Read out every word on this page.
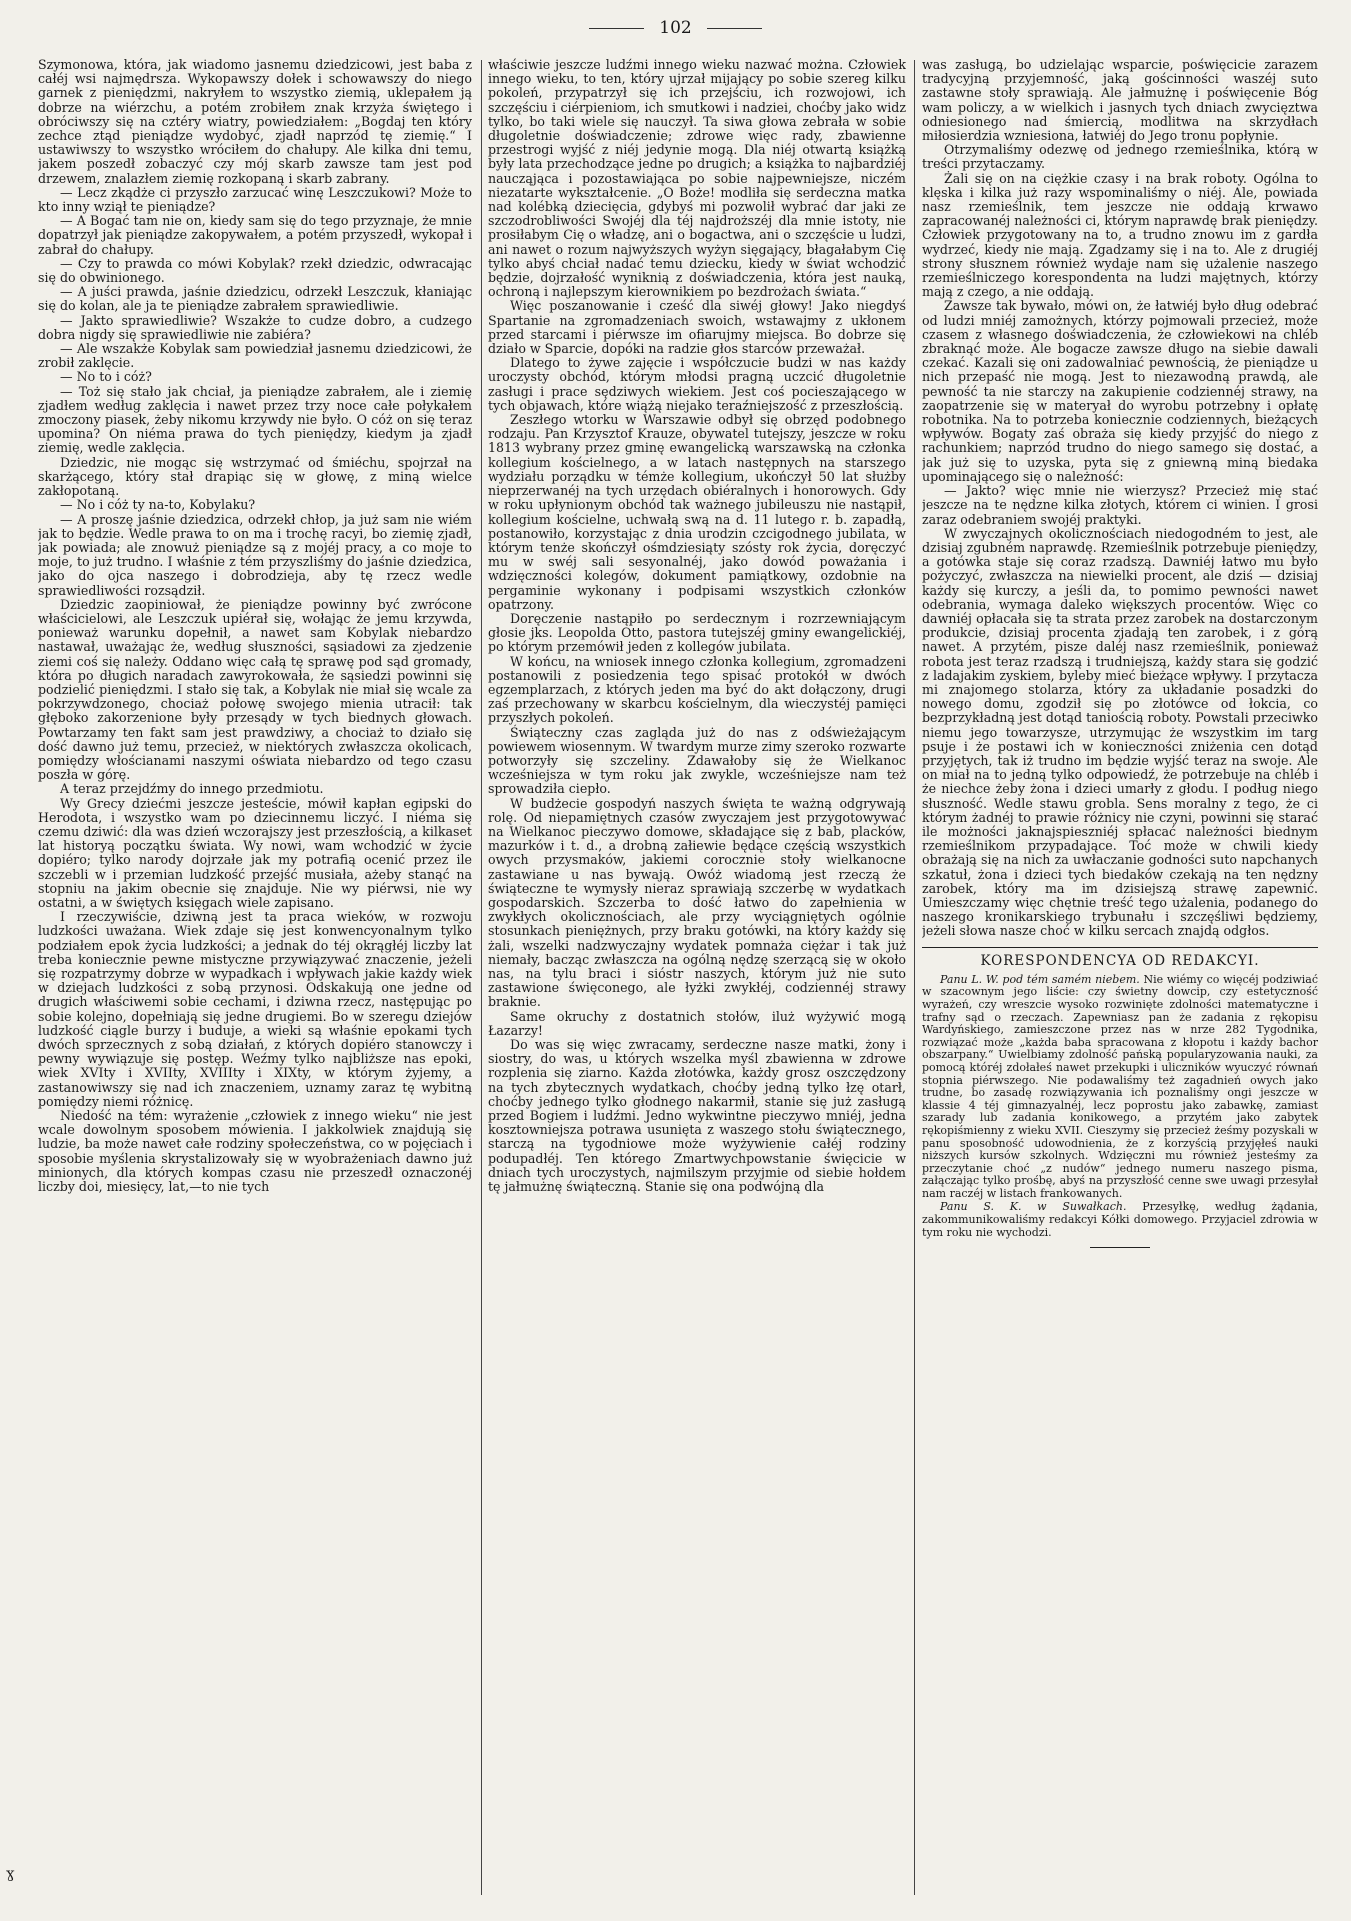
102

Szymonowa, która, jak wiadomo jasnemu dziedzicowi, jest baba z całéj wsi najmędrsza. Wykopawszy dołek i schowawszy do niego garnek z pieniędzmi, nakryłem to wszystko ziemią, uklepałem ją dobrze na wiérzchu, a potém zrobiłem znak krzyża świętego i obróciwszy się na cztéry wiatry, powiedziałem: „Bogdaj ten który zechce ztąd pieniądze wydobyć, zjadł naprzód tę ziemię.“ I ustawiwszy to wszystko wróciłem do chałupy. Ale kilka dni temu, jakem poszedł zobaczyć czy mój skarb zawsze tam jest pod drzewem, znalazłem ziemię rozkopaną i skarb zabrany.

— Lecz zkądże ci przyszło zarzucać winę Leszczukowi? Może to kto inny wziął te pieniądze?

— A Bogać tam nie on, kiedy sam się do tego przyznaje, że mnie dopatrzył jak pieniądze zakopywałem, a potém przyszedł, wykopał i zabrał do chałupy.

— Czy to prawda co mówi Kobylak? rzekł dziedzic, odwracając się do obwinionego.

— A juści prawda, jaśnie dziedzicu, odrzekł Leszczuk, kłaniając się do kolan, ale ja te pieniądze zabrałem sprawiedliwie.

— Jakto sprawiedliwie? Wszakże to cudze dobro, a cudzego dobra nigdy się sprawiedliwie nie zabiéra?

— Ale wszakże Kobylak sam powiedział jasnemu dziedzicowi, że zrobił zaklęcie.

— No to i cóż?

— Toż się stało jak chciał, ja pieniądze zabrałem, ale i ziemię zjadłem według zaklęcia i nawet przez trzy noce całe połykałem zmoczony piasek, żeby nikomu krzywdy nie było. O cóż on się teraz upomina? On niéma prawa do tych pieniędzy, kiedym ja zjadł ziemię, wedle zaklęcia.

Dziedzic, nie mogąc się wstrzymać od śmiéchu, spojrzał na skarżącego, który stał drapiąc się w głowę, z miną wielce zakłopotaną.

— No i cóż ty na-to, Kobylaku?

— A proszę jaśnie dziedzica, odrzekł chłop, ja już sam nie wiém jak to będzie. Wedle prawa to on ma i trochę racyi, bo ziemię zjadł, jak powiada; ale znowuż pieniądze są z mojéj pracy, a co moje to moje, to już trudno. I właśnie z tém przyszliśmy do jaśnie dziedzica, jako do ojca naszego i dobrodzieja, aby tę rzecz wedle sprawiedliwości rozsądził.

Dziedzic zaopiniował, że pieniądze powinny być zwrócone właścicielowi, ale Leszczuk upiérał się, wołając że jemu krzywda, ponieważ warunku dopełnił, a nawet sam Kobylak niebardzo nastawał, uważając że, według słuszności, sąsiadowi za zjedzenie ziemi coś się należy. Oddano więc całą tę sprawę pod sąd gromady, która po długich naradach zawyrokowała, że sąsiedzi powinni się podzielić pieniędzmi. I stało się tak, a Kobylak nie miał się wcale za pokrzywdzonego, chociaż połowę swojego mienia utracił: tak głęboko zakorzenione były przesądy w tych biednych głowach. Powtarzamy ten fakt sam jest prawdziwy, a chociaż to działo się dość dawno już temu, przecież, w niektórych zwłaszcza okolicach, pomiędzy włościanami naszymi oświata niebardzo od tego czasu poszła w górę.

A teraz przejdźmy do innego przedmiotu.

Wy Grecy dziećmi jeszcze jesteście, mówił kapłan egipski do Herodota, i wszystko wam po dziecinnemu liczyć. I niéma się czemu dziwić: dla was dzień wczorajszy jest przeszłością, a kilkaset lat historyą początku świata. Wy nowi, wam wchodzić w życie dopiéro; tylko narody dojrzałe jak my potrafią ocenić przez ile szczebli w i przemian ludzkość przejść musiała, ażeby stanąć na stopniu na jakim obecnie się znajduje. Nie wy piérwsi, nie wy ostatni, a w świętych księgach wiele zapisano.

I rzeczywiście, dziwną jest ta praca wieków, w rozwoju ludzkości uważana. Wiek zdaje się jest konwencyonalnym tylko podziałem epok życia ludzkości; a jednak do téj okrągłéj liczby lat treba koniecznie pewne mistyczne przywiązywać znaczenie, jeżeli się rozpatrzymy dobrze w wypadkach i wpływach jakie każdy wiek w dziejach ludzkości z sobą przynosi. Odskakują one jedne od drugich właściwemi sobie cechami, i dziwna rzecz, następując po sobie kolejno, dopełniają się jedne drugiemi. Bo w szeregu dziejów ludzkość ciągle burzy i buduje, a wieki są właśnie epokami tych dwóch sprzecznych z sobą działań, z których dopiéro stanowczy i pewny wywiązuje się postęp. Weźmy tylko najbliższe nas epoki, wiek XVIty i XVIIty, XVIIIty i XIXty, w którym żyjemy, a zastanowiwszy się nad ich znaczeniem, uznamy zaraz tę wybitną pomiędzy niemi różnicę.

Niedość na tém: wyrażenie „człowiek z innego wieku“ nie jest wcale dowolnym sposobem mówienia. I jakkolwiek znajdują się ludzie, ba może nawet całe rodziny społeczeństwa, co w pojęciach i sposobie myślenia skrystalizowały się w wyobrażeniach dawno już minionych, dla których kompas czasu nie przeszedł oznaczonéj liczby doi, miesięcy, lat,—to nie tych

właściwie jeszcze ludźmi innego wieku nazwać można. Człowiek innego wieku, to ten, który ujrzał mijający po sobie szereg kilku pokoleń, przypatrzył się ich przejściu, ich rozwojowi, ich szczęściu i ciérpieniom, ich smutkowi i nadziei, choćby jako widz tylko, bo taki wiele się nauczył. Ta siwa głowa zebrała w sobie długoletnie doświadczenie; zdrowe więc rady, zbawienne przestrogi wyjść z niéj jedynie mogą. Dla niéj otwartą książką były lata przechodzące jedne po drugich; a książka to najbardziéj naucząjąca i pozostawiająca po sobie najpewniejsze, niczém niezatarte wykształcenie. „O Boże! modliła się serdeczna matka nad kolébką dziecięcia, gdybyś mi pozwolił wybrać dar jaki ze szczodrobliwości Swojéj dla téj najdroższéj dla mnie istoty, nie prosiłabym Cię o władzę, ani o bogactwa, ani o szczęście u ludzi, ani nawet o rozum najwyższych wyżyn sięgający, błagałabym Cię tylko abyś chciał nadać temu dziecku, kiedy w świat wchodzić będzie, dojrzałość wyniknią z doświadczenia, która jest nauką, ochroną i najlepszym kierownikiem po bezdrożach świata.“

Więc poszanowanie i cześć dla siwéj głowy! Jako niegdyś Spartanie na zgromadzeniach swoich, wstawajmy z ukłonem przed starcami i piérwsze im ofiarujmy miejsca. Bo dobrze się działo w Sparcie, dopóki na radzie głos starców przeważał.

Dlatego to żywe zajęcie i współczucie budzi w nas każdy uroczysty obchód, którym młodsi pragną uczcić długoletnie zasługi i prace sędziwych wiekiem. Jest coś pocieszającego w tych objawach, które wiążą niejako teraźniejszość z przeszłością.

Zeszłego wtorku w Warszawie odbył się obrzęd podobnego rodzaju. Pan Krzysztof Krauze, obywatel tutejszy, jeszcze w roku 1813 wybrany przez gminę ewangelicką warszawską na członka kollegium kościelnego, a w latach następnych na starszego wydziału porządku w témże kollegium, ukończył 50 lat służby nieprzerwanéj na tych urzędach obiéralnych i honorowych. Gdy w roku upłynionym obchód tak ważnego jubileuszu nie nastąpił, kollegium kościelne, uchwałą swą na d. 11 lutego r. b. zapadłą, postanowiło, korzystając z dnia urodzin czcigodnego jubilata, w którym tenże skończył ośmdziesiąty szósty rok życia, doręczyć mu w swéj sali sesyonalnéj, jako dowód poważania i wdzięczności kolegów, dokument pamiątkowy, ozdobnie na pergaminie wykonany i podpisami wszystkich członków opatrzony.

Doręczenie nastąpiło po serdecznym i rozrzewniającym głosie jks. Leopolda Otto, pastora tutejszéj gminy ewangelickiéj, po którym przemówił jeden z kollegów jubilata.

W końcu, na wniosek innego członka kollegium, zgromadzeni postanowili z posiedzenia tego spisać protokół w dwóch egzemplarzach, z których jeden ma być do akt dołączony, drugi zaś przechowany w skarbcu kościelnym, dla wieczystéj pamięci przyszłych pokoleń.

Świąteczny czas zagląda już do nas z odświeżającym powiewem wiosennym. W twardym murze zimy szeroko rozwarte potworzyły się szczeliny. Zdawałoby się że Wielkanoc wcześniejsza w tym roku jak zwykle, wcześniejsze nam też sprowadziła ciepło.

W budżecie gospodyń naszych święta te ważną odgrywają rolę. Od niepamiętnych czasów zwyczajem jest przygotowywać na Wielkanoc pieczywo domowe, składające się z bab, placków, mazurków i t. d., a drobną załiewie będące częścią wszystkich owych przysmaków, jakiemi corocznie stoły wielkanocne zastawiane u nas bywają. Owóż wiadomą jest rzeczą że świąteczne te wymysły nieraz sprawiają szczerbę w wydatkach gospodarskich. Szczerba to dość łatwo do zapełnienia w zwykłych okolicznościach, ale przy wyciągniętych ogólnie stosunkach pieniężnych, przy braku gotówki, na który każdy się żali, wszelki nadzwyczajny wydatek pomnaża ciężar i tak już niemały, bacząc zwłaszcza na ogólną nędzę szerzącą się w około nas, na tylu braci i sióstr naszych, którym już nie suto zastawione święconego, ale łyżki zwykłéj, codziennéj strawy braknie.

Same okruchy z dostatnich stołów, iluż wyżywić mogą Łazarzy!

Do was się więc zwracamy, serdeczne nasze matki, żony i siostry, do was, u których wszelka myśl zbawienna w zdrowe rozplenia się ziarno. Każda złotówka, każdy grosz oszczędzony na tych zbytecznych wydatkach, choćby jedną tylko łzę otarł, choćby jednego tylko głodnego nakarmił, stanie się już zasługą przed Bogiem i ludźmi. Jedno wykwintne pieczywo mniéj, jedna kosztowniejsza potrawa usunięta z waszego stołu świątecznego, starczą na tygodniowe może wyżywienie całéj rodziny podupadłéj. Ten którego Zmartwychpowstanie święcicie w dniach tych uroczystych, najmilszym przyjmie od siebie hołdem tę jałmużnę świąteczną. Stanie się ona podwójną dla

was zasługą, bo udzielając wsparcie, poświęcicie zarazem tradycyjną przyjemność, jaką gościnności waszéj suto zastawne stoły sprawiają. Ale jałmużnę i poświęcenie Bóg wam policzy, a w wielkich i jasnych tych dniach zwycięztwa odniesionego nad śmiercią, modlitwa na skrzydłach miłosierdzia wzniesiona, łatwiéj do Jego tronu popłynie.

Otrzymaliśmy odezwę od jednego rzemieślnika, którą w treści przytaczamy.

Żali się on na ciężkie czasy i na brak roboty. Ogólna to klęska i kilka już razy wspominaliśmy o niéj. Ale, powiada nasz rzemieślnik, tem jeszcze nie oddają krwawo zapracowanéj należności ci, którym naprawdę brak pieniędzy. Człowiek przygotowany na to, a trudno znowu im z gardła wydrzeć, kiedy nie mają. Zgadzamy się i na to. Ale z drugiéj strony słusznem również wydaje nam się użalenie naszego rzemieślniczego korespondenta na ludzi majętnych, którzy mają z czego, a nie oddają.

Zawsze tak bywało, mówi on, że łatwiéj było dług odebrać od ludzi mniéj zamożnych, którzy pojmowali przecież, może czasem z własnego doświadczenia, że człowiekowi na chléb zbraknąć może. Ale bogacze zawsze długo na siebie dawali czekać. Kazali się oni zadowalniać pewnością, że pieniądze u nich przepaść nie mogą. Jest to niezawodną prawdą, ale pewność ta nie starczy na zakupienie codziennéj strawy, na zaopatrzenie się w materyał do wyrobu potrzebny i opłatę robotnika. Na to potrzeba koniecznie codziennych, bieżących wpływów. Bogaty zaś obraża się kiedy przyjść do niego z rachunkiem; naprzód trudno do niego samego się dostać, a jak już się to uzyska, pyta się z gniewną miną biedaka upominającego się o należność:

— Jakto? więc mnie nie wierzysz? Przecież mię stać jeszcze na te nędzne kilka złotych, którem ci winien. I grosi zaraz odebraniem swojéj praktyki.

W zwyczajnych okolicznościach niedogodném to jest, ale dzisiaj zgubném naprawdę. Rzemieślnik potrzebuje pieniędzy, a gotówka staje się coraz rzadszą. Dawniéj łatwo mu było pożyczyć, zwłaszcza na niewielki procent, ale dziś — dzisiaj każdy się kurczy, a jeśli da, to pomimo pewności nawet odebrania, wymaga daleko większych procentów. Więc co dawniéj opłacała się ta strata przez zarobek na dostarczonym produkcie, dzisiaj procenta zjadają ten zarobek, i z górą nawet. A przytém, pisze daléj nasz rzemieślnik, ponieważ robota jest teraz rzadszą i trudniejszą, każdy stara się godzić z ladajakim zyskiem, byleby mieć bieżące wpływy. I przytacza mi znajomego stolarza, który za układanie posadzki do nowego domu, zgodził się po złotówce od łokcia, co bezprzykładną jest dotąd taniością roboty. Powstali przeciwko niemu jego towarzysze, utrzymując że wszystkim im targ psuje i że postawi ich w konieczności zniżenia cen dotąd przyjętych, tak iż trudno im będzie wyjść teraz na swoje. Ale on miał na to jedną tylko odpowiedź, że potrzebuje na chléb i że niechce żeby żona i dzieci umarły z głodu. I podług niego słuszność. Wedle stawu grobla. Sens moralny z tego, że ci którym żadnéj to prawie różnicy nie czyni, powinni się starać ile możności jaknajspieszniéj spłacać należności biednym rzemieślnikom przypadające. Toć może w chwili kiedy obrażają się na nich za uwłaczanie godności suto napchanych szkatuł, żona i dzieci tych biedaków czekają na ten nędzny zarobek, który ma im dzisiejszą strawę zapewnić. Umieszczamy więc chętnie treść tego użalenia, podanego do naszego kronikarskiego trybunału i szczęśliwi będziemy, jeżeli słowa nasze choć w kilku sercach znajdą odgłos.

KORESPONDENCYA OD REDAKCYI.

Panu L. W. pod tém samém niebem. Nie wiémy co więcéj podziwiać w szacownym jego liście: czy świetny dowcip, czy estetyczność wyrażeń, czy wreszcie wysoko rozwinięte zdolności matematyczne i trafny sąd o rzeczach. Zapewniasz pan że zadania z rękopisu Wardyńskiego, zamieszczone przez nas w nrze 282 Tygodnika, rozwiązać może „każda baba spracowana z kłopotu i każdy bachor obszarpany.“ Uwielbiamy zdolność pańską popularyzowania nauki, za pomocą któréj zdołałeś nawet przekupki i uliczników wyuczyć równań stopnia piérwszego. Nie podawaliśmy też zagadnień owych jako trudne, bo zasadę rozwiązywania ich poznaliśmy ongi jeszcze w klassie 4 téj gimnazyalnéj, lecz poprostu jako zabawkę, zamiast szarady lub zadania konikowego, a przytém jako zabytek rękopiśmienny z wieku XVII. Cieszymy się przecież żeśmy pozyskali w panu sposobność udowodnienia, że z korzyścią przyjęłeś nauki niższych kursów szkolnych. Wdzięczni mu również jesteśmy za przeczytanie choć „z nudów“ jednego numeru naszego pisma, załączając tylko prośbę, abyś na przyszłość cenne swe uwagi przesyłał nam raczéj w listach frankowanych.

Panu S. K. w Suwałkach. Przesyłkę, według żądania, zakommunikowaliśmy redakcyi Kółki domowego. Przyjaciel zdrowia w tym roku nie wychodzi.

ɣ
